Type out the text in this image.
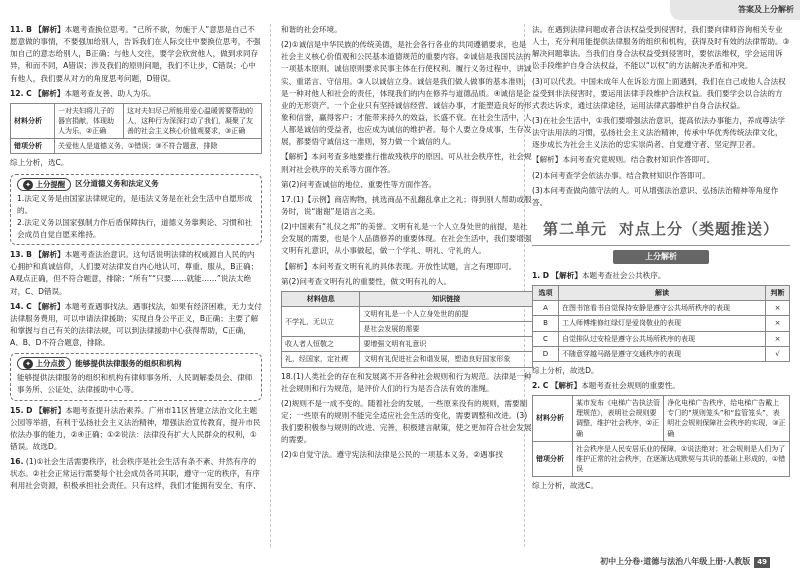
答案及上分解析
11. B 【解析】本题考查换位思考。“己所不欲，勿施于人”意思是自己不愿意做的事情，不要强加给别人，告诉我们在人际交往中要换位思考，不强加自己的意志给别人，B正确；与他人交往，要学会欣赏他人，做到求同存异，和而不同，A错误；涉及我们的原则问题，我们不让步，C错误；心中有他人，我们要从对方的角度思考问题，D错误。
12. C 【解析】本题考查友善、助人为乐。
材料分析	一对夫妇将儿子的器官捐献，体现助人为乐，②正确	这对夫妇尽己所能用爱心温暖需要帮助的人，这种行为深深打动了我们，凝聚了友善的社会主义核心价值观要求，③正确
错项分析	关爱他人是道德义务，①错误；③不符合题意，排除	
综上分析，选C。
✦ 上分提醒	区分道德义务和法定义务
1.法定义务是由国家法律规定的，是违法义务是在社会生活中自愿形成的。
2.法定义务以国家强制力作后盾保障执行，道德义务靠舆论、习惯和社会成员自觉自愿来维持。
13. B 【解析】本题考查法治意识。这句话说明法律的权威源自人民的内心拥护和真诚信仰，人们要对法律发自内心地认可、尊重、服从，B正确；A观点正确，但不符合题意，排除；“所有”“只要……就能……”说法太绝对，C、D错误。
14. C 【解析】本题考查遇事找法。遇事找法，如果有经济困难，无力支付法律服务费用，可以申请法律援助；实现自身公平正义，B正确；主要了解和掌握与自己有关的法律法规，可以到法律援助中心获得帮助，C正确，A、B、D不符合题意，排除。
✦ 上分点拨	能够提供法律服务的组织和机构
能够提供法律服务的组织和机构有律师事务所、人民调解委员会、律师事务所、公证处、法律援助中心等。
15. D 【解析】本题考查提升法治素养。广州市11区皆建立法治文化主题公园等举措，有利于弘扬社会主义法治精神，增强法治宣传教育，提升市民依法办事的能力，②④正确；①②说法：法律没有扩大人民群众的权利，①错误。故选D。
16. (1)①社会生活需要秩序，社会秩序是社会生活有条不紊、井然有序的状态。②社会正常运行需要每个社会成员各司其职，遵守一定的秩序，有序利用社会资源，积极承担社会责任。只有这样，我们才能拥有安全、有序、
和谐的社会环境。
(2)①诚信是中华民族的传统美德，是社会各行各业的共同遵循要求，也是社会主义核心价值观和公民基本道德规范的重要内容。②诚信是我国民法的一项基本原则。诚信原则要求民事主体在行使权利、履行义务过程中，讲诚实、重诺言、守信用。③人以诚信立身。诚信是我们做人做事的基本准则，是一种对他人和社会的责任，体现我们的内在修养与道德品质。④诚信是企业的无形资产。一个企业只有坚持诚信经营、诚信办事，才能塑造良好的形象和信誉，赢得客户；才能带来持久的效益，长盛不衰。在社会生活中，人人都是诚信的受益者，也应成为诚信的维护者。每个人要立身成事，生存发展，都要悟守诚信这一准则，努力做一个诚信的人。
【解析】本问考查多地要推行推故残秩序的原因。可从社会秩序性，社会规则对社会秩序的关系等方面作答。
第(2)问考查诚信的地位、重要性等方面作答。
17.(1)【示例】商店购物，挑选商品不乱翻乱拿止之礼；得到别人帮助或服务时，说“谢谢”是语言之美。
(2)中国素有“礼仪之邦”的美誉。文明有礼是一个人立身处世的前提，是社会发展的需要，也是个人品德修养的重要体现。在社会生活中，我们要增强文明有礼意识，从小事做起，做一个学礼、明礼、守礼的人。
【解析】本问考查文明有礼的具体表现。开放性试题，言之有理即可。
第(2)问考查文明有礼的重要性，做文明有礼的人。
材料信息	知识链接
不学礼，无以立	文明有礼是一个人立身处世的前提
	是社会发展的需要
收人者人恒敬之	要增强文明有礼意识
礼，经国家，定社稷	文明有礼促进社会和谐发展，塑造良好国家形象
18.(1)人类社会的存在和发展离不开各种社会规则和行为规范。法律是一种社会规则和行为规范，是评价人们的行为是否合法有效的准绳。
(2)规则不是一成不变的。随着社会的发展，一些原来没有的规则，需要制定；一些原有的规则不能完全适应社会生活的变化，需要调整和改进。(3)我们要积极参与规则的改进、完善，积极建言献策，使之更加符合社会发展的需要。
(2)①自觉守法。遵守宪法和法律是公民的一项基本义务。②遇事找
法。在遇到法律问题或者合法权益受到侵害时，我们要向律师咨询相关专业人士，充分利用能提供法律服务的组织和机构，获得及时有效的法律帮助。③解决问题靠法。当我们自身合法权益受到侵害时，要依法维权，学会运用诉讼手段维护自身合法权益，不能以“以权”的方法解决矛盾和冲突。
(3)可以代表。中国未成年人在诉讼方面上面遇到，我们在自己或他人合法权益受到非法侵害时，要运用法律手段维护合法权益。我们要学会以合法的方式表达诉求，通过法律途径，运用法律武器维护自身合法权益。
(3)在社会生活中，①我们要增强法治意识，提高依法办事能力，养成尊法学法守法用法的习惯，弘扬社会主义法治精神，传承中华优秀传统法律文化，逐步成长为社会主义法治的忠实崇尚者、自觉遵守者、坚定捍卫者。
【解析】本问考查究竟规则。结合教材知识作答即可。
(2)本问考查学会依法办事。结合教材知识作答即可。
(3)本问考查做尚德守法的人。可从增强法治意识、弘扬法治精神等角度作答。
第二单元 对点上分（类题推送）
上分解析
1. D 【解析】本题考查社会公共秩序。
选项	解读	判断
A	在图书馆看书自觉保持安静是遵守公共场所秩序的表现	×
B	工人师傅维修红绿灯是爱岗敬业的表现	×
C	自觉排队过安检是遵守公共场所秩序的表现	×
D	不随意穿越马路是遵守交通秩序的表现	√
综上分析，故选D。
2. C 【解析】本题考查社会规则的重要性。
材料分析	某市发布《电梯广告执法管理规范》，表明社会规则要调整，维护社会秩序，②正确	净化电梯广告秩序，给电梯广告戴上专门的“规则笼头”和“监管笼头”，表明社会规则保障社会秩序的实现，③正确
错项分析	社会秩序是人民安居乐业的保障，①说法绝对；社会规则是人们为了维护正常的社会秩序，在逐渐达成默契与共识的基础上形成的，①错误	
综上分析，故选C。
初中上分卷·道德与法治八年级上册·人教版	49
